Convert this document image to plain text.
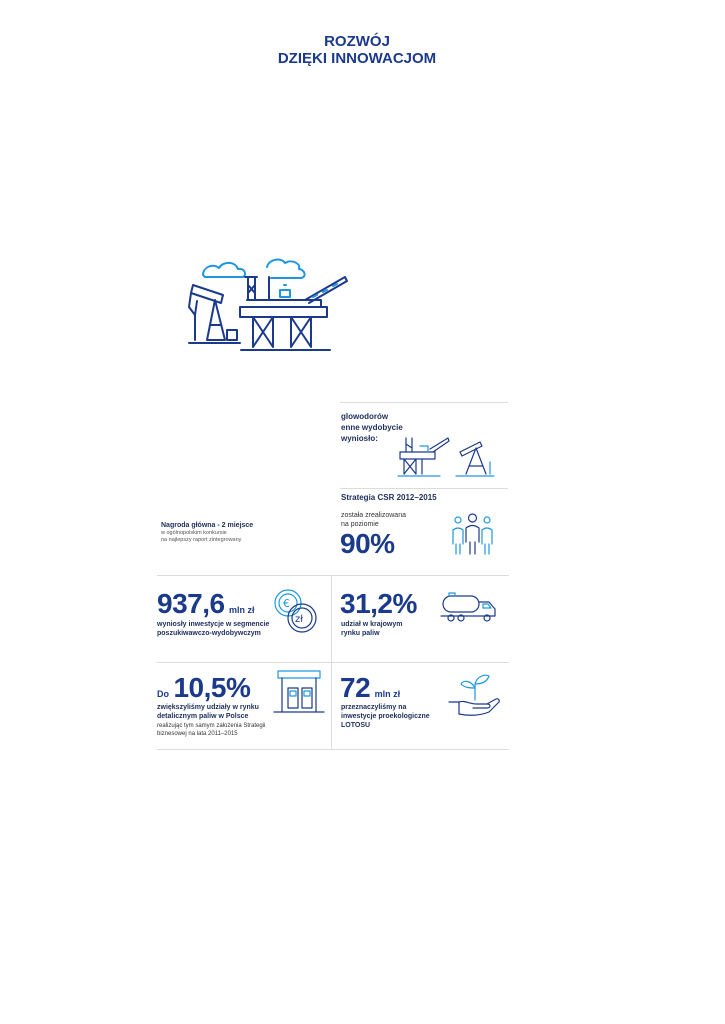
ROZWÓJ
DZIĘKI INNOWACJOM
glowodorów
enne wydobycie
wyniosło:
Strategia CSR 2012–2015
została zrealizowana
na poziomie
90%
Nagroda główna - 2 miejsce
w ogólnopolskim konkursie
na najlepszy raport zintegrowany
937,6 mln zł
wyniosły inwestycje w segmencie
poszukiwawczo-wydobywczym
€
zł
31,2%
udział w krajowym
rynku paliw
Do 10,5%
zwiększyliśmy udziały w rynku
detalicznym paliw w Polsce
realizując tym samym założenia Strategii
biznesowej na lata 2011–2015
72 mln zł
przeznaczyliśmy na
inwestycje proekologiczne
LOTOSU
